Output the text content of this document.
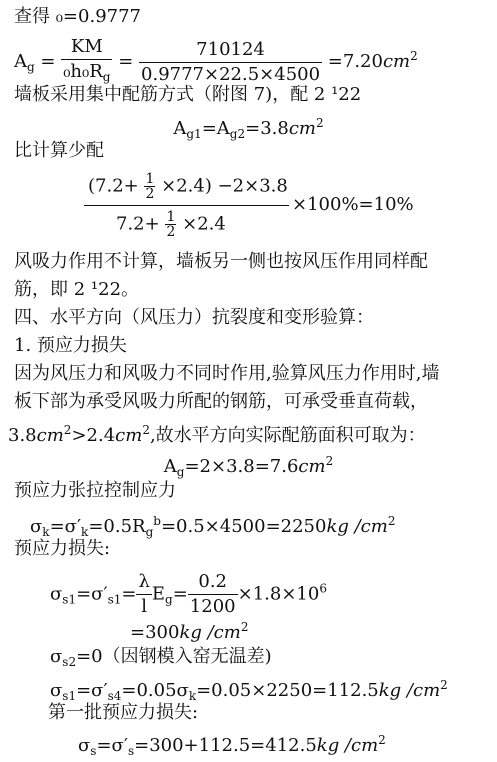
查得 ₀=0.9777
$A_g = \frac{KM}{_0h_0R_g} = \frac{710124}{0.9777\times 22.5\times 4500} =7.20cm^2$
墙板采用集中配筋方式（附图 7)，配 2 ¹22
$A_{g1}=A_{g2}=3.8cm^2$
比计算少配
$(7.2+ \frac{1}{2} \times 2.4) -2\times 3.8$
$7.2+ \frac{1}{2} \times 2.4$
×100%=10%
风吸力作用不计算，墙板另一侧也按风压作用同样配
筋，即 2 ¹22。
四、水平方向（风压力）抗裂度和变形验算：
1. 预应力损失
因为风压力和风吸力不同时作用,验算风压力作用时,墙
板下部为承受风吸力所配的钢筋，可承受垂直荷载，
$3.8cm^2>2.4cm^2$,故水平方向实际配筋面积可取为：
$A_g=2\times 3.8=7.6cm^2$
预应力张拉控制应力
$\sigma_k=\sigma'_k=0.5R_g^b=0.5\times 4500=2250kg$ $/cm^2$
预应力损失:
$\sigma_{s1}=\sigma'_{s1}= \frac{\lambda}{l} E_g= \frac{0.2}{1200} \times 1.8\times 10^6$
=300kg $/cm^2$
$\sigma_{s2}=0$（因钢模入窑无温差)
$\sigma_{s1}=\sigma'_{s4}=0.05\sigma_k=0.05\times 2250=112.5kg$ $/cm^2$
第一批预应力损失:
$\sigma_s=\sigma'_s=300+112.5=412.5kg$ $/cm^2$
